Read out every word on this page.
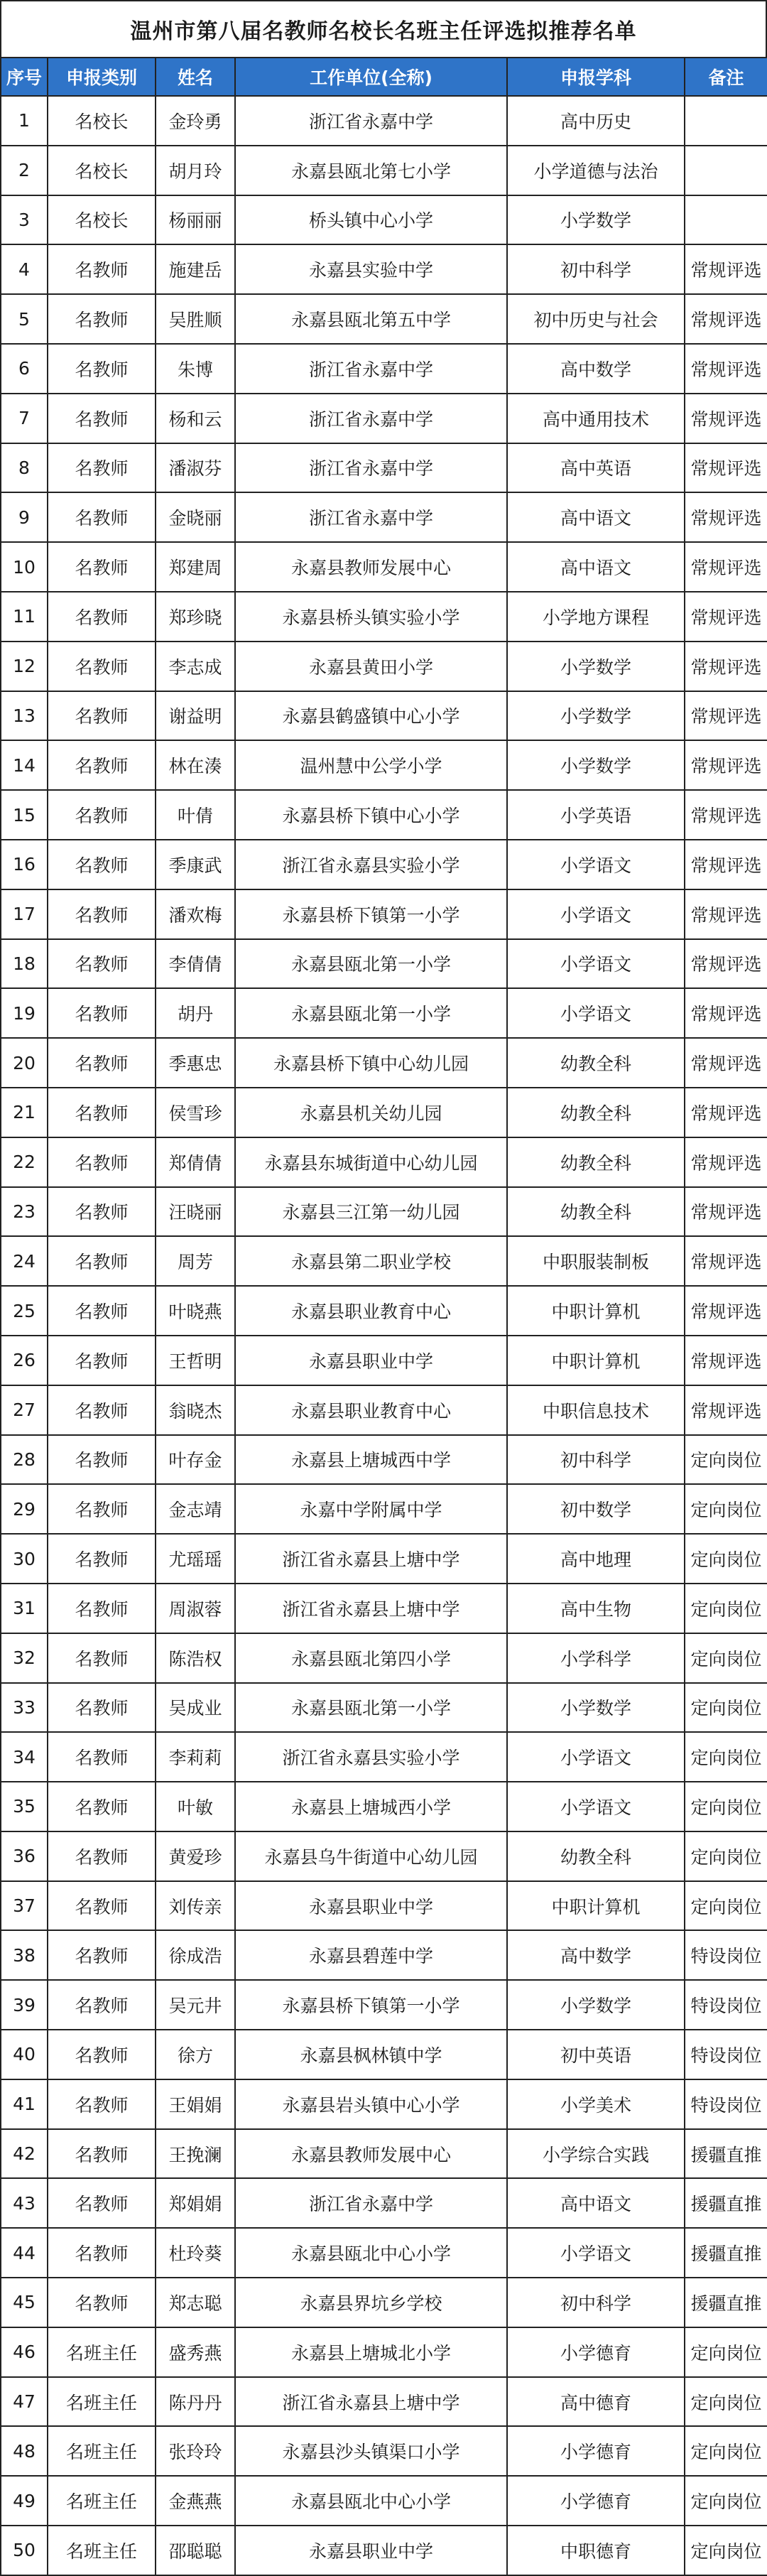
温州市第八届名教师名校长名班主任评选拟推荐名单
序号	申报类别	姓名	工作单位(全称)	申报学科	备注
1	名校长	金玲勇	浙江省永嘉中学	高中历史	
2	名校长	胡月玲	永嘉县瓯北第七小学	小学道德与法治	
3	名校长	杨丽丽	桥头镇中心小学	小学数学	
4	名教师	施建岳	永嘉县实验中学	初中科学	常规评选
5	名教师	吴胜顺	永嘉县瓯北第五中学	初中历史与社会	常规评选
6	名教师	朱博	浙江省永嘉中学	高中数学	常规评选
7	名教师	杨和云	浙江省永嘉中学	高中通用技术	常规评选
8	名教师	潘淑芬	浙江省永嘉中学	高中英语	常规评选
9	名教师	金晓丽	浙江省永嘉中学	高中语文	常规评选
10	名教师	郑建周	永嘉县教师发展中心	高中语文	常规评选
11	名教师	郑珍晓	永嘉县桥头镇实验小学	小学地方课程	常规评选
12	名教师	李志成	永嘉县黄田小学	小学数学	常规评选
13	名教师	谢益明	永嘉县鹤盛镇中心小学	小学数学	常规评选
14	名教师	林在湊	温州慧中公学小学	小学数学	常规评选
15	名教师	叶倩	永嘉县桥下镇中心小学	小学英语	常规评选
16	名教师	季康武	浙江省永嘉县实验小学	小学语文	常规评选
17	名教师	潘欢梅	永嘉县桥下镇第一小学	小学语文	常规评选
18	名教师	李倩倩	永嘉县瓯北第一小学	小学语文	常规评选
19	名教师	胡丹	永嘉县瓯北第一小学	小学语文	常规评选
20	名教师	季惠忠	永嘉县桥下镇中心幼儿园	幼教全科	常规评选
21	名教师	侯雪珍	永嘉县机关幼儿园	幼教全科	常规评选
22	名教师	郑倩倩	永嘉县东城街道中心幼儿园	幼教全科	常规评选
23	名教师	汪晓丽	永嘉县三江第一幼儿园	幼教全科	常规评选
24	名教师	周芳	永嘉县第二职业学校	中职服装制板	常规评选
25	名教师	叶晓燕	永嘉县职业教育中心	中职计算机	常规评选
26	名教师	王哲明	永嘉县职业中学	中职计算机	常规评选
27	名教师	翁晓杰	永嘉县职业教育中心	中职信息技术	常规评选
28	名教师	叶存金	永嘉县上塘城西中学	初中科学	定向岗位
29	名教师	金志靖	永嘉中学附属中学	初中数学	定向岗位
30	名教师	尤瑶瑶	浙江省永嘉县上塘中学	高中地理	定向岗位
31	名教师	周淑蓉	浙江省永嘉县上塘中学	高中生物	定向岗位
32	名教师	陈浩权	永嘉县瓯北第四小学	小学科学	定向岗位
33	名教师	吴成业	永嘉县瓯北第一小学	小学数学	定向岗位
34	名教师	李莉莉	浙江省永嘉县实验小学	小学语文	定向岗位
35	名教师	叶敏	永嘉县上塘城西小学	小学语文	定向岗位
36	名教师	黄爱珍	永嘉县乌牛街道中心幼儿园	幼教全科	定向岗位
37	名教师	刘传亲	永嘉县职业中学	中职计算机	定向岗位
38	名教师	徐成浩	永嘉县碧莲中学	高中数学	特设岗位
39	名教师	吴元井	永嘉县桥下镇第一小学	小学数学	特设岗位
40	名教师	徐方	永嘉县枫林镇中学	初中英语	特设岗位
41	名教师	王娟娟	永嘉县岩头镇中心小学	小学美术	特设岗位
42	名教师	王挽澜	永嘉县教师发展中心	小学综合实践	援疆直推
43	名教师	郑娟娟	浙江省永嘉中学	高中语文	援疆直推
44	名教师	杜玲葵	永嘉县瓯北中心小学	小学语文	援疆直推
45	名教师	郑志聪	永嘉县界坑乡学校	初中科学	援疆直推
46	名班主任	盛秀燕	永嘉县上塘城北小学	小学德育	定向岗位
47	名班主任	陈丹丹	浙江省永嘉县上塘中学	高中德育	定向岗位
48	名班主任	张玲玲	永嘉县沙头镇渠口小学	小学德育	定向岗位
49	名班主任	金燕燕	永嘉县瓯北中心小学	小学德育	定向岗位
50	名班主任	邵聪聪	永嘉县职业中学	中职德育	定向岗位
